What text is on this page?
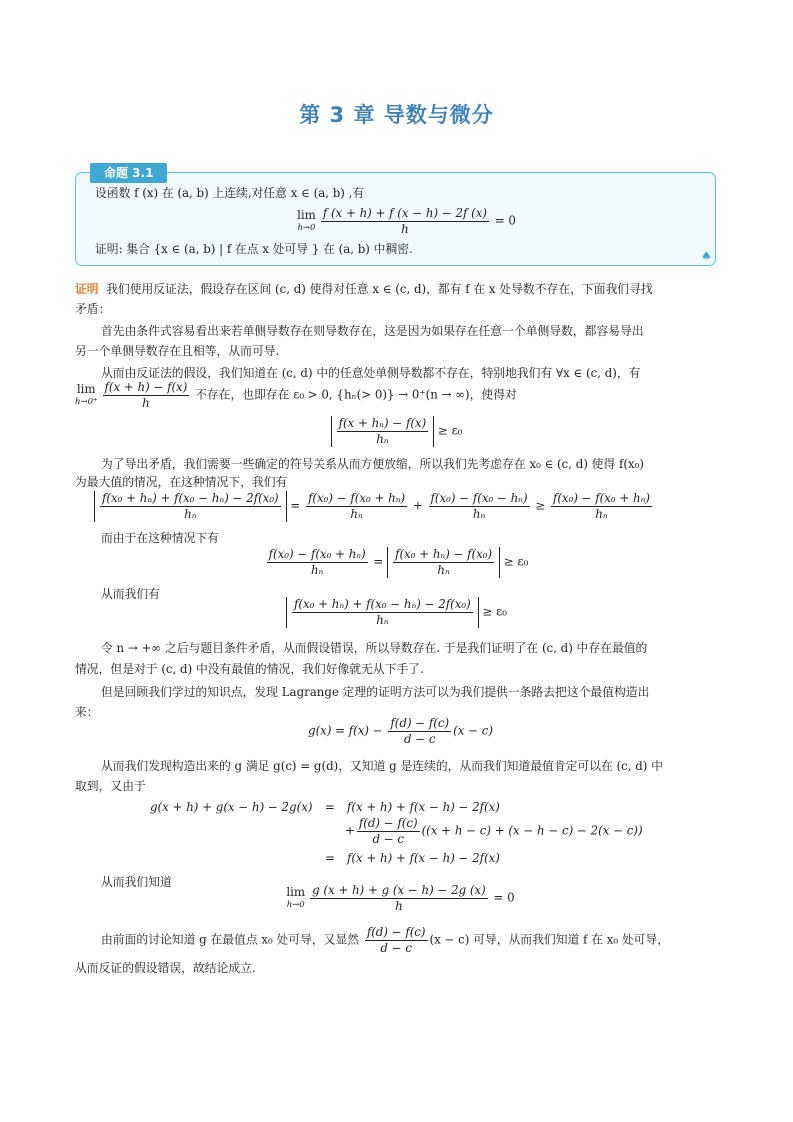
第 3 章 导数与微分
命题 3.1
设函数 f (x) 在 (a, b) 上连续,对任意 x ∈ (a, b) ,有
lim
$h\to 0 \frac{f (x + h) + f (x - h) - 2f (x)}{h} = 0$
证明: 集合 {x ∈ (a, b) | f 在点 x 处可导 } 在 (a, b) 中稠密.	♠
证明 我们使用反证法，假设存在区间 (c, d) 使得对任意 x ∈ (c, d)，都有 f 在 x 处导数不存在，下面我们寻找
矛盾：
首先由条件式容易看出来若单侧导数存在则导数存在，这是因为如果存在任意一个单侧导数，都容易导出
另一个单侧导数存在且相等，从而可导.
从而由反证法的假设，我们知道在 (c, d) 中的任意处单侧导数都不存在，特别地我们有 ∀x ∈ (c, d)，有
lim
$h\to 0^+ \frac{f(x + h) - f(x)}{h}$ 不存在，也即存在 ε₀ > 0, {hₙ(> 0)} → 0⁺(n → ∞)，使得对
$\frac{\text{f(x + hₙ) − f(x)}}{\text{hₙ}} \ge \varepsilon_0$
为了导出矛盾，我们需要一些确定的符号关系从而方便放缩，所以我们先考虑存在 x₀ ∈ (c, d) 使得 f(x₀)
为最大值的情况，在这种情况下，我们有
$\frac{\text{f(x₀ + hₙ) + f(x₀ − hₙ) − 2f(x₀)}}{\text{hₙ}} = \frac{\text{f(x₀) − f(x₀ + hₙ)}}{\text{hₙ}} + \frac{\text{f(x₀) − f(x₀ − hₙ)}}{\text{hₙ}} \ge \frac{\text{f(x₀) − f(x₀ + hₙ)}}{\text{hₙ}}$
而由于在这种情况下有
$\frac{\text{f(x₀) − f(x₀ + hₙ)}}{\text{hₙ}} = \frac{\text{f(x₀ + hₙ) − f(x₀)}}{\text{hₙ}} \ge \varepsilon_0$
从而我们有
$\frac{\text{f(x₀ + hₙ) + f(x₀ − hₙ) − 2f(x₀)}}{\text{hₙ}} \ge \varepsilon_0$
令 n → +∞ 之后与题目条件矛盾，从而假设错误，所以导数存在. 于是我们证明了在 (c, d) 中存在最值的
情况，但是对于 (c, d) 中没有最值的情况，我们好像就无从下手了.
但是回顾我们学过的知识点，发现 Lagrange 定理的证明方法可以为我们提供一条路去把这个最值构造出
来：
$g(x) = f(x) - \frac{f(d) - f(c)}{d - c} (x - c)$
从而我们发现构造出来的 g 满足 g(c) = g(d)，又知道 g 是连续的，从而我们知道最值肯定可以在 (c, d) 中
取到，又由于
g(x + h) + g(x − h) − 2g(x) = f(x + h) + f(x − h) − 2f(x)
+ $\frac{f(d) - f(c)}{d - c} ((x + h - c) + (x - h - c) - 2(x - c))$
= f(x + h) + f(x − h) − 2f(x)
从而我们知道
lim
$h\to 0 \frac{g (x + h) + g (x - h) - 2g (x)}{h} = 0$
由前面的讨论知道 g 在最值点 x₀ 处可导，又显然 $\frac{f(d) - f(c)}{d - c} (x - c)$ 可导，从而我们知道 f 在 x₀ 处可导，
从而反证的假设错误，故结论成立.
